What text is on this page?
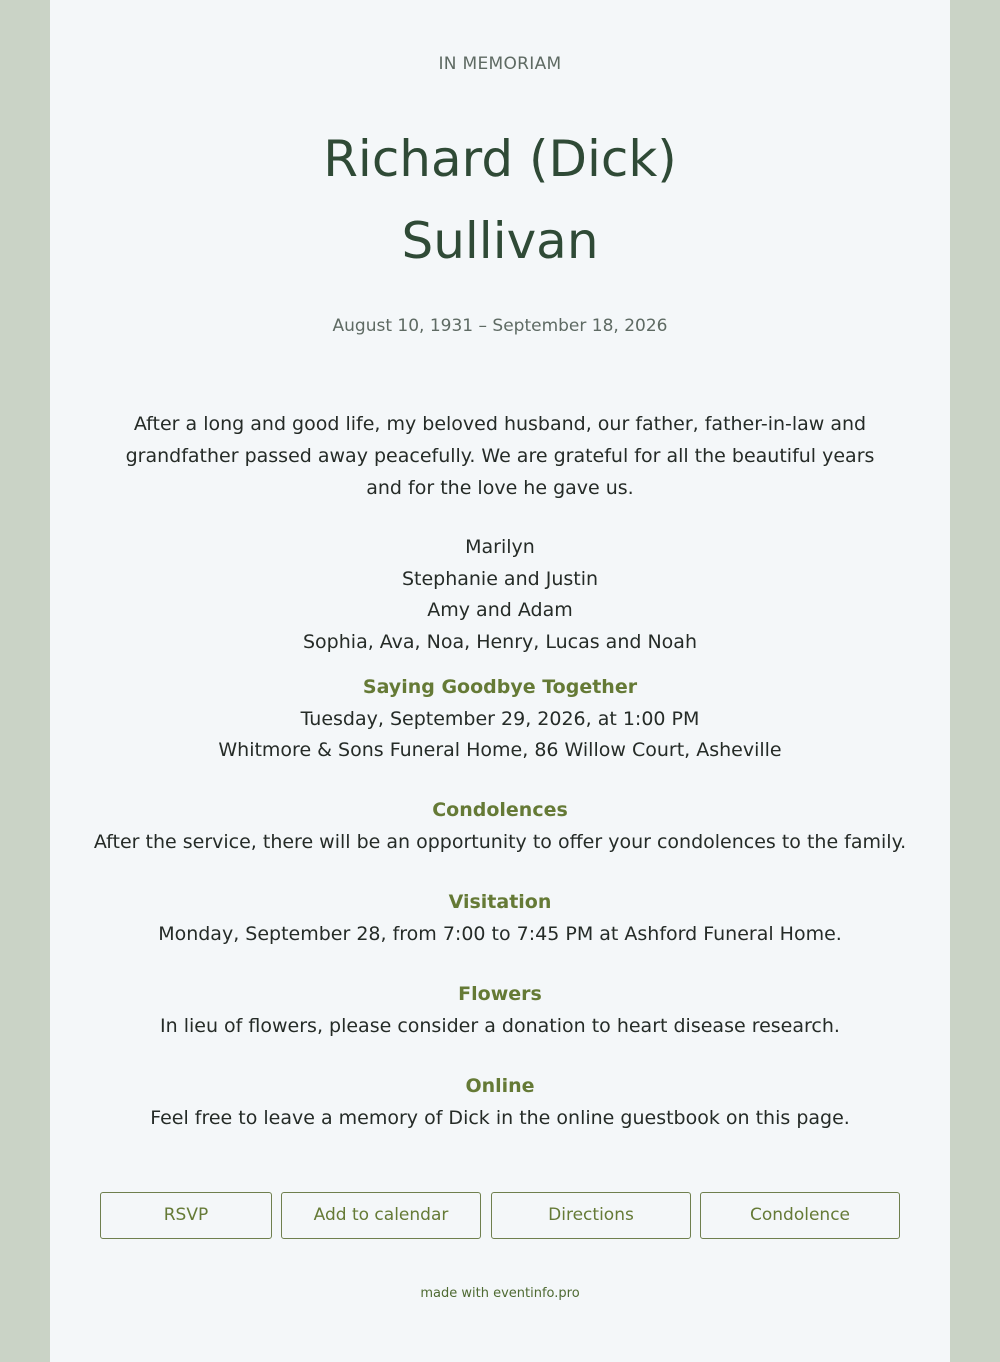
IN MEMORIAM
Richard (Dick)
Sullivan
August 10, 1931 – September 18, 2026

After a long and good life, my beloved husband, our father, father-in-law and grandfather passed away peacefully. We are grateful for all the beautiful years and for the love he gave us.

Marilyn
Stephanie and Justin
Amy and Adam
Sophia, Ava, Noa, Henry, Lucas and Noah
Saying Goodbye Together
Tuesday, September 29, 2026, at 1:00 PM
Whitmore & Sons Funeral Home, 86 Willow Court, Asheville
Condolences
After the service, there will be an opportunity to offer your condolences to the family.
Visitation
Monday, September 28, from 7:00 to 7:45 PM at Ashford Funeral Home.
Flowers
In lieu of flowers, please consider a donation to heart disease research.
Online
Feel free to leave a memory of Dick in the online guestbook on this page.
RSVP	Add to calendar	Directions	Condolence
made with eventinfo.pro
